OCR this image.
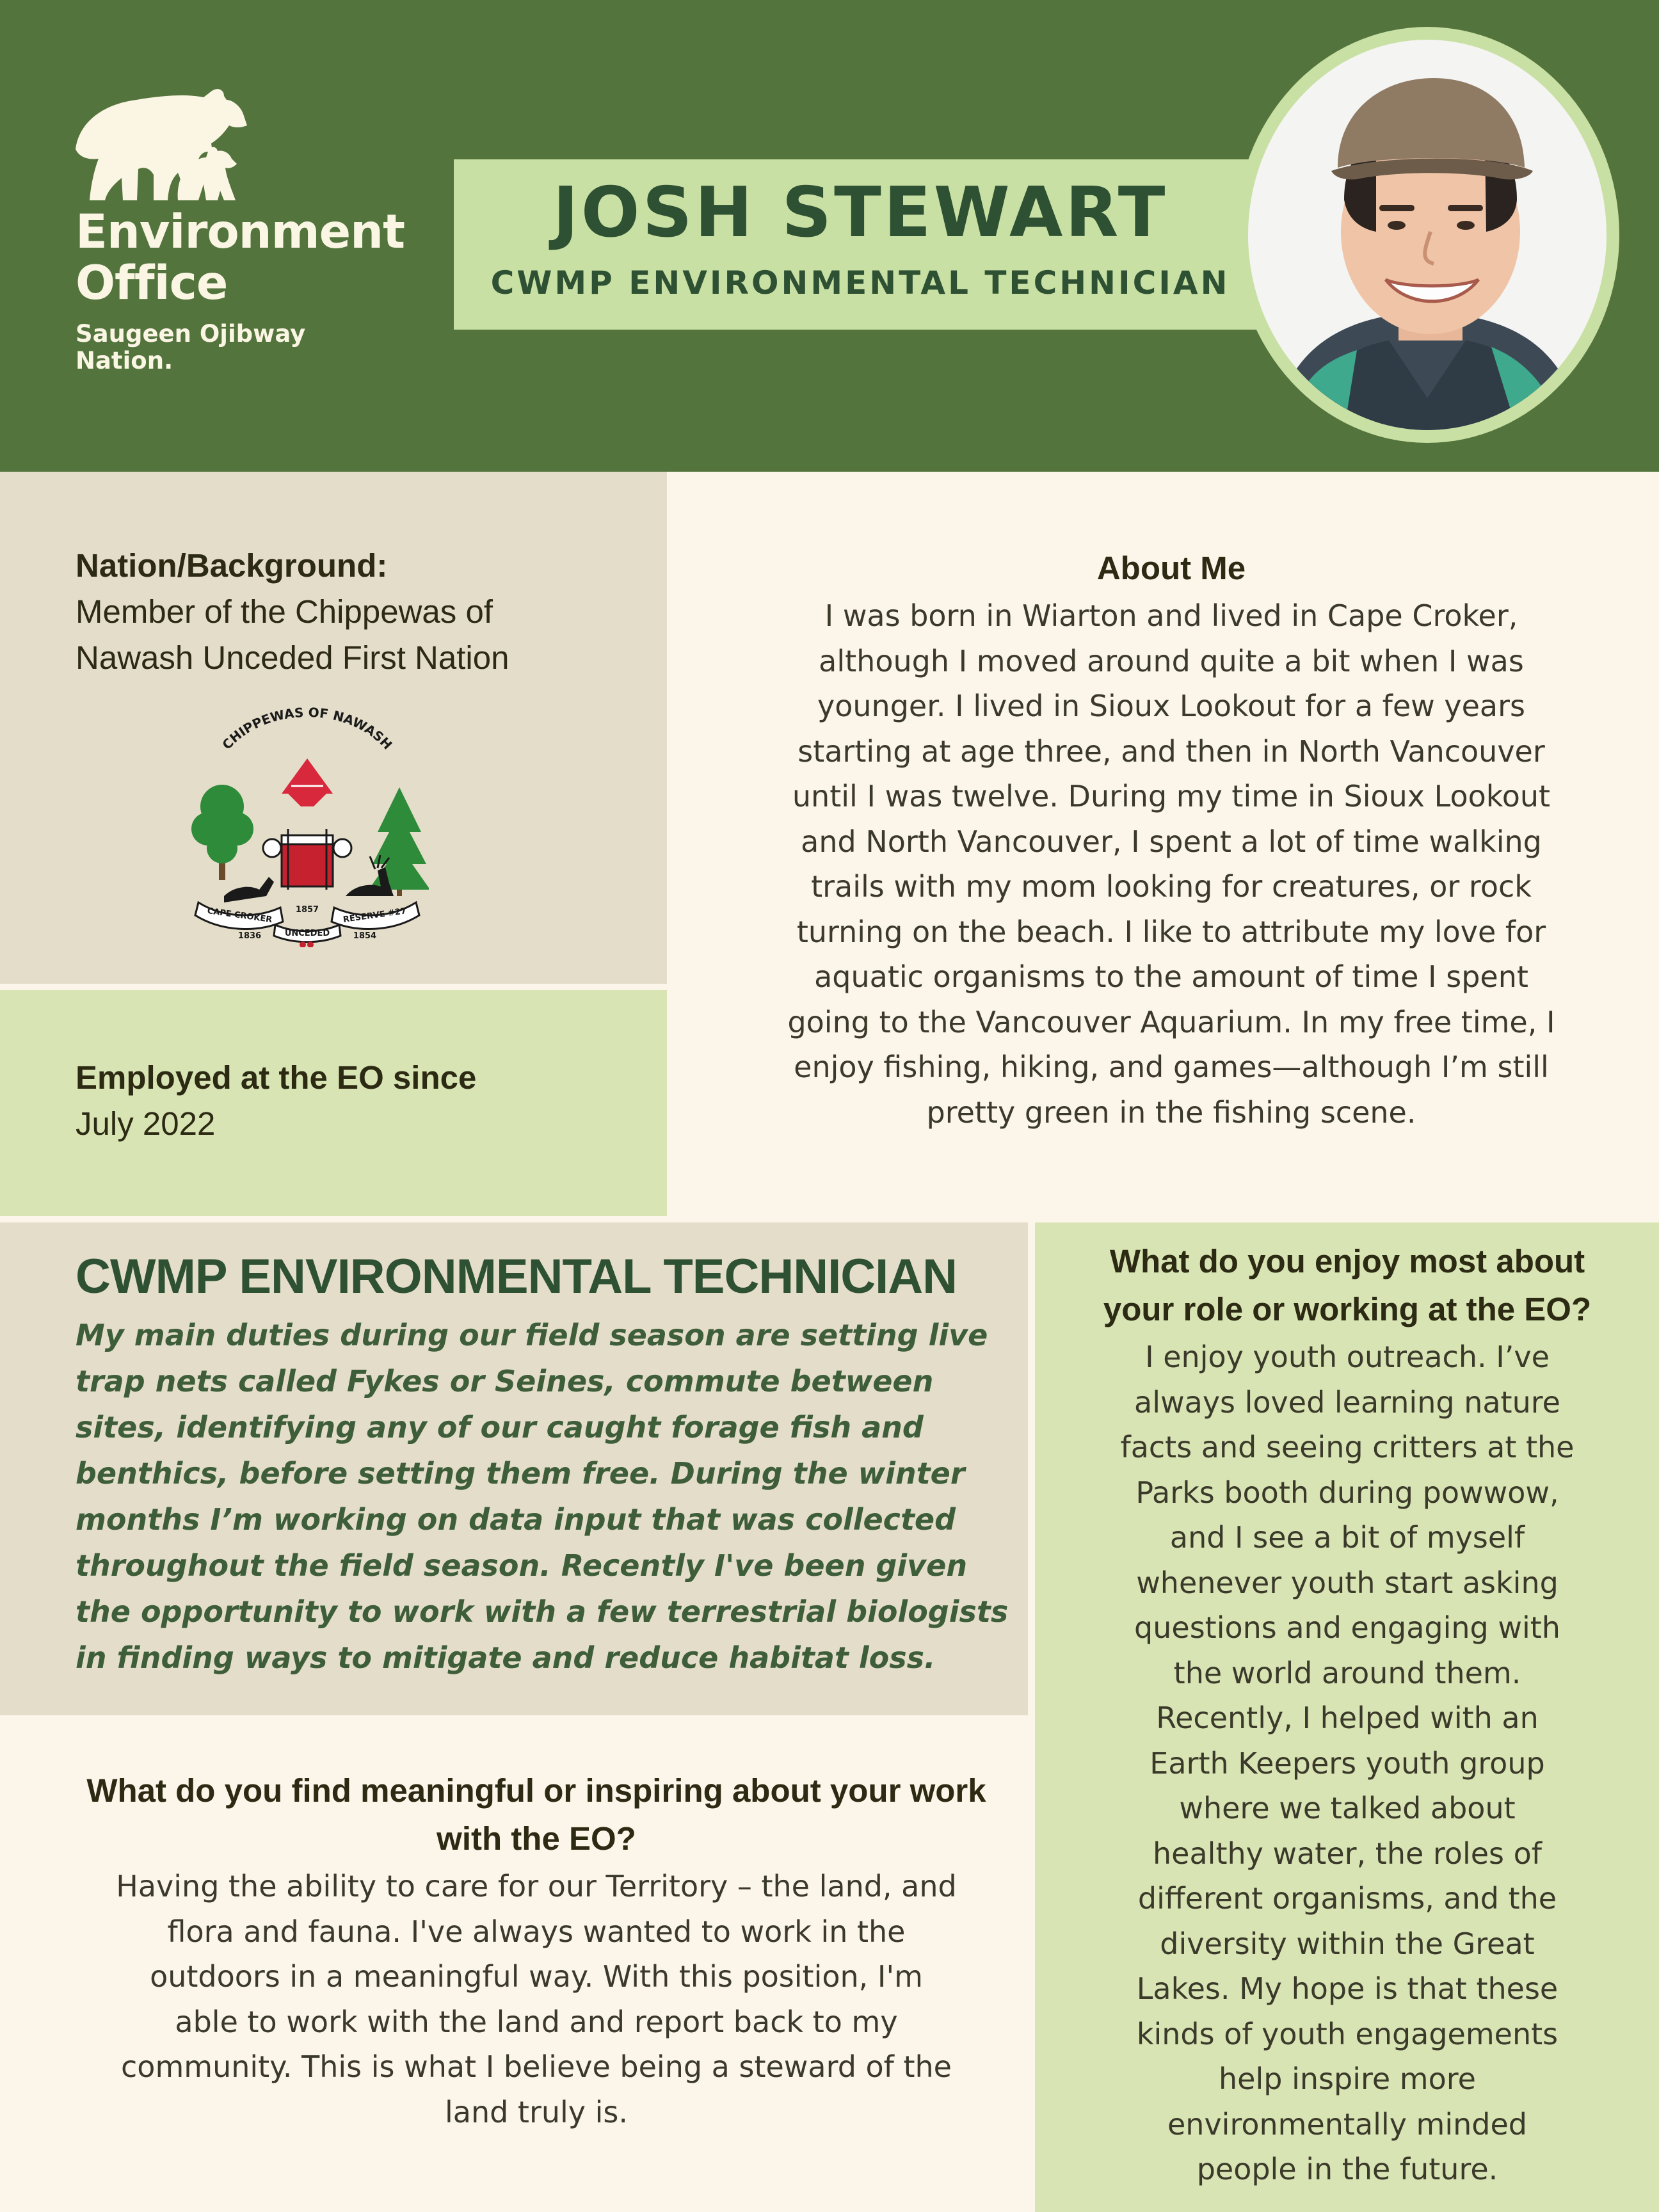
Environment
Office
Saugeen Ojibway
Nation.
JOSH STEWART
CWMP ENVIRONMENTAL TECHNICIAN
Nation/Background:
Member of the Chippewas of
Nawash Unceded First Nation
CHIPPEWAS OF NAWASH
CAPE CROKER	RESERVE #27
1857
1836	1854
UNCEDED
Employed at the EO since
July 2022
About Me
I was born in Wiarton and lived in Cape Croker,
although I moved around quite a bit when I was
younger. I lived in Sioux Lookout for a few years
starting at age three, and then in North Vancouver
until I was twelve. During my time in Sioux Lookout
and North Vancouver, I spent a lot of time walking
trails with my mom looking for creatures, or rock
turning on the beach. I like to attribute my love for
aquatic organisms to the amount of time I spent
going to the Vancouver Aquarium. In my free time, I
enjoy fishing, hiking, and games—although I’m still
pretty green in the fishing scene.
CWMP ENVIRONMENTAL TECHNICIAN
My main duties during our field season are setting live
trap nets called Fykes or Seines, commute between
sites, identifying any of our caught forage fish and
benthics, before setting them free. During the winter
months I’m working on data input that was collected
throughout the field season. Recently I've been given
the opportunity to work with a few terrestrial biologists
in finding ways to mitigate and reduce habitat loss.
What do you find meaningful or inspiring about your work
with the EO?
Having the ability to care for our Territory – the land, and
flora and fauna. I've always wanted to work in the
outdoors in a meaningful way. With this position, I'm
able to work with the land and report back to my
community. This is what I believe being a steward of the
land truly is.
What do you enjoy most about
your role or working at the EO?
I enjoy youth outreach. I’ve
always loved learning nature
facts and seeing critters at the
Parks booth during powwow,
and I see a bit of myself
whenever youth start asking
questions and engaging with
the world around them.
Recently, I helped with an
Earth Keepers youth group
where we talked about
healthy water, the roles of
different organisms, and the
diversity within the Great
Lakes. My hope is that these
kinds of youth engagements
help inspire more
environmentally minded
people in the future.
